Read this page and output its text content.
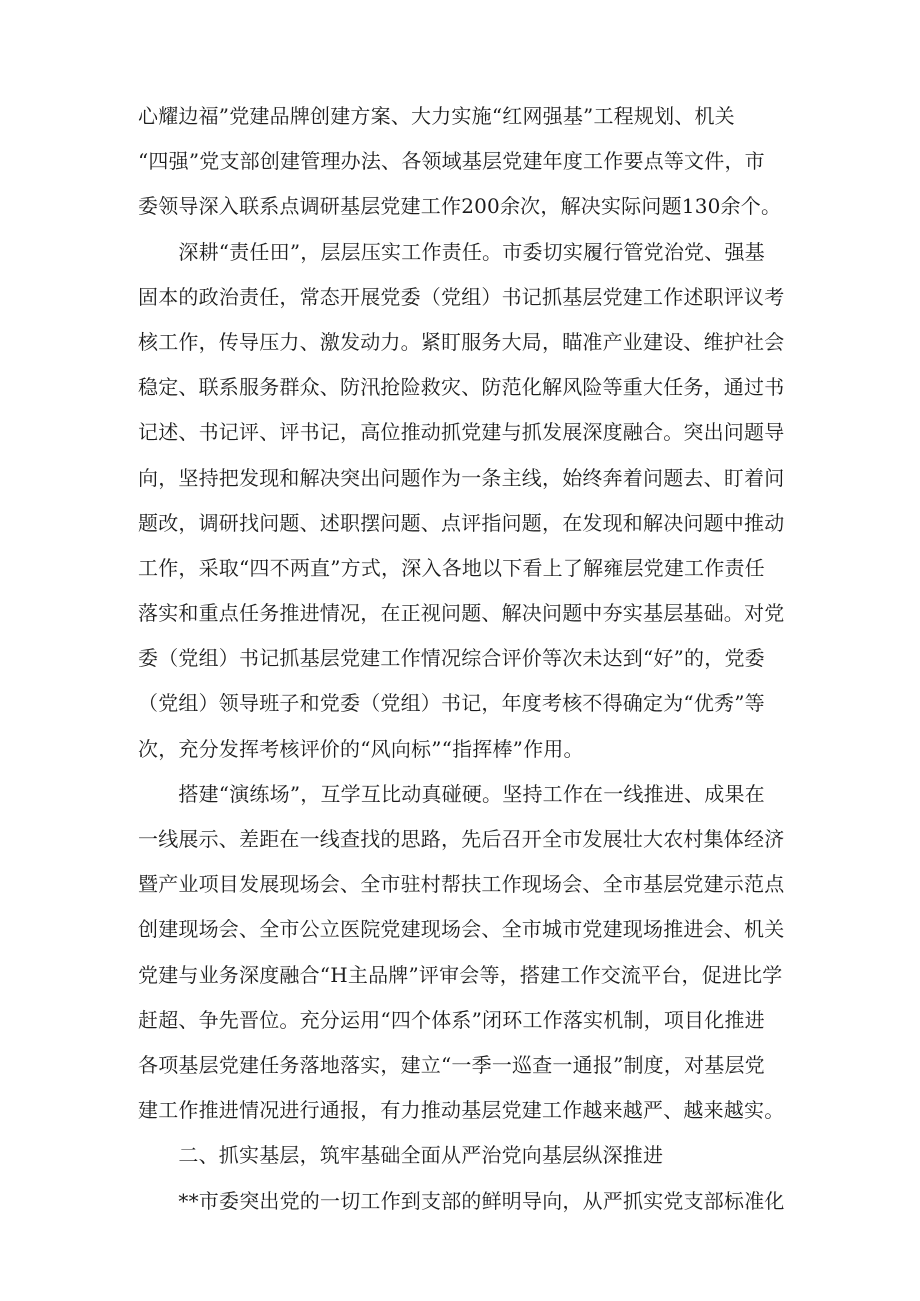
心耀边福”党建品牌创建方案、大力实施“红网强基”工程规划、机关
“四强”党支部创建管理办法、各领域基层党建年度工作要点等文件，市
委领导深入联系点调研基层党建工作200余次，解决实际问题130余个。
　　深耕“责任田”，层层压实工作责任。市委切实履行管党治党、强基
固本的政治责任，常态开展党委（党组）书记抓基层党建工作述职评议考
核工作，传导压力、激发动力。紧盯服务大局，瞄准产业建设、维护社会
稳定、联系服务群众、防汛抢险救灾、防范化解风险等重大任务，通过书
记述、书记评、评书记，高位推动抓党建与抓发展深度融合。突出问题导
向，坚持把发现和解决突出问题作为一条主线，始终奔着问题去、盯着问
题改，调研找问题、述职摆问题、点评指问题，在发现和解决问题中推动
工作，采取“四不两直”方式，深入各地以下看上了解雍层党建工作责任
落实和重点任务推进情况，在正视问题、解决问题中夯实基层基础。对党
委（党组）书记抓基层党建工作情况综合评价等次未达到“好”的，党委
（党组）领导班子和党委（党组）书记，年度考核不得确定为“优秀”等
次，充分发挥考核评价的“风向标”“指挥棒”作用。
　　搭建“演练场”，互学互比动真碰硬。坚持工作在一线推进、成果在
一线展示、差距在一线查找的思路，先后召开全市发展壮大农村集体经济
暨产业项目发展现场会、全市驻村帮扶工作现场会、全市基层党建示范点
创建现场会、全市公立医院党建现场会、全市城市党建现场推进会、机关
党建与业务深度融合“H主品牌”评审会等，搭建工作交流平台，促进比学
赶超、争先晋位。充分运用“四个体系”闭环工作落实机制，项目化推进
各项基层党建任务落地落实，建立“一季一巡查一通报”制度，对基层党
建工作推进情况进行通报，有力推动基层党建工作越来越严、越来越实。
　　二、抓实基层，筑牢基础全面从严治党向基层纵深推进
　　**市委突出党的一切工作到支部的鲜明导向，从严抓实党支部标准化
